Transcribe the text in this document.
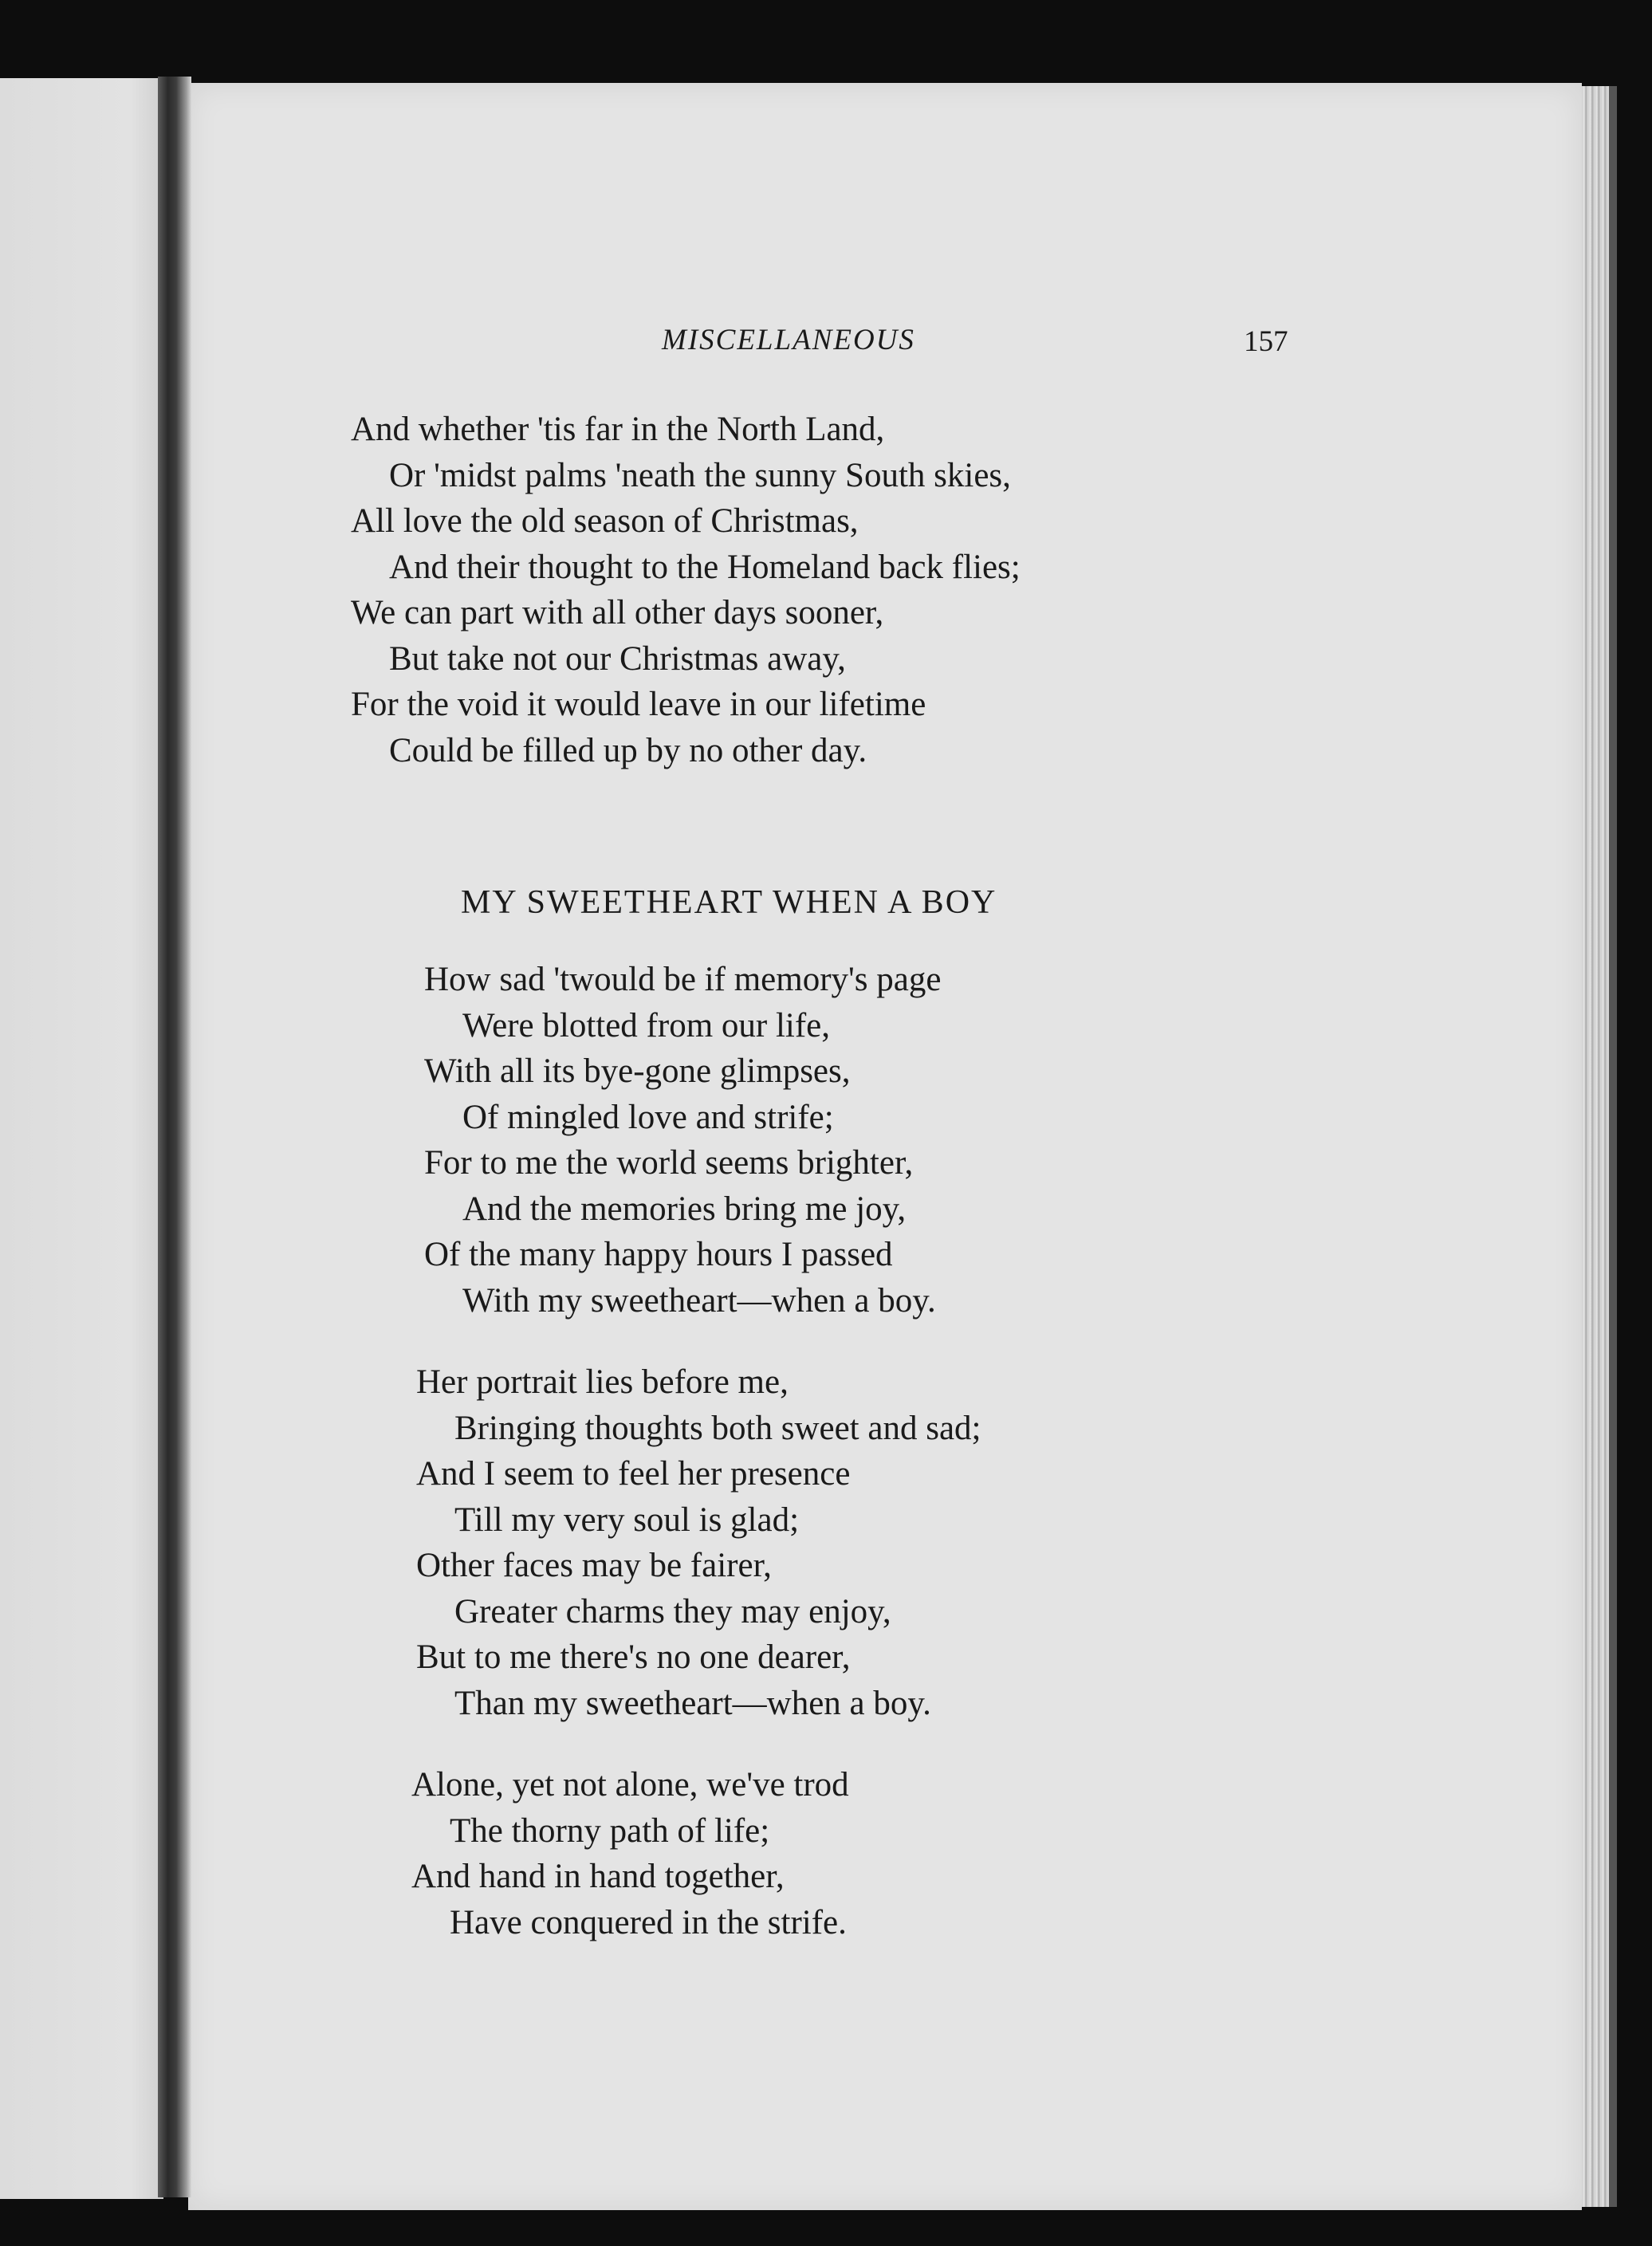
MISCELLANEOUS	157
And whether 'tis far in the North Land,
Or 'midst palms 'neath the sunny South skies,
All love the old season of Christmas,
And their thought to the Homeland back flies;
We can part with all other days sooner,
But take not our Christmas away,
For the void it would leave in our lifetime
Could be filled up by no other day.
MY SWEETHEART WHEN A BOY
How sad 'twould be if memory's page
Were blotted from our life,
With all its bye-gone glimpses,
Of mingled love and strife;
For to me the world seems brighter,
And the memories bring me joy,
Of the many happy hours I passed
With my sweetheart—when a boy.
Her portrait lies before me,
Bringing thoughts both sweet and sad;
And I seem to feel her presence
Till my very soul is glad;
Other faces may be fairer,
Greater charms they may enjoy,
But to me there's no one dearer,
Than my sweetheart—when a boy.
Alone, yet not alone, we've trod
The thorny path of life;
And hand in hand together,
Have conquered in the strife.
